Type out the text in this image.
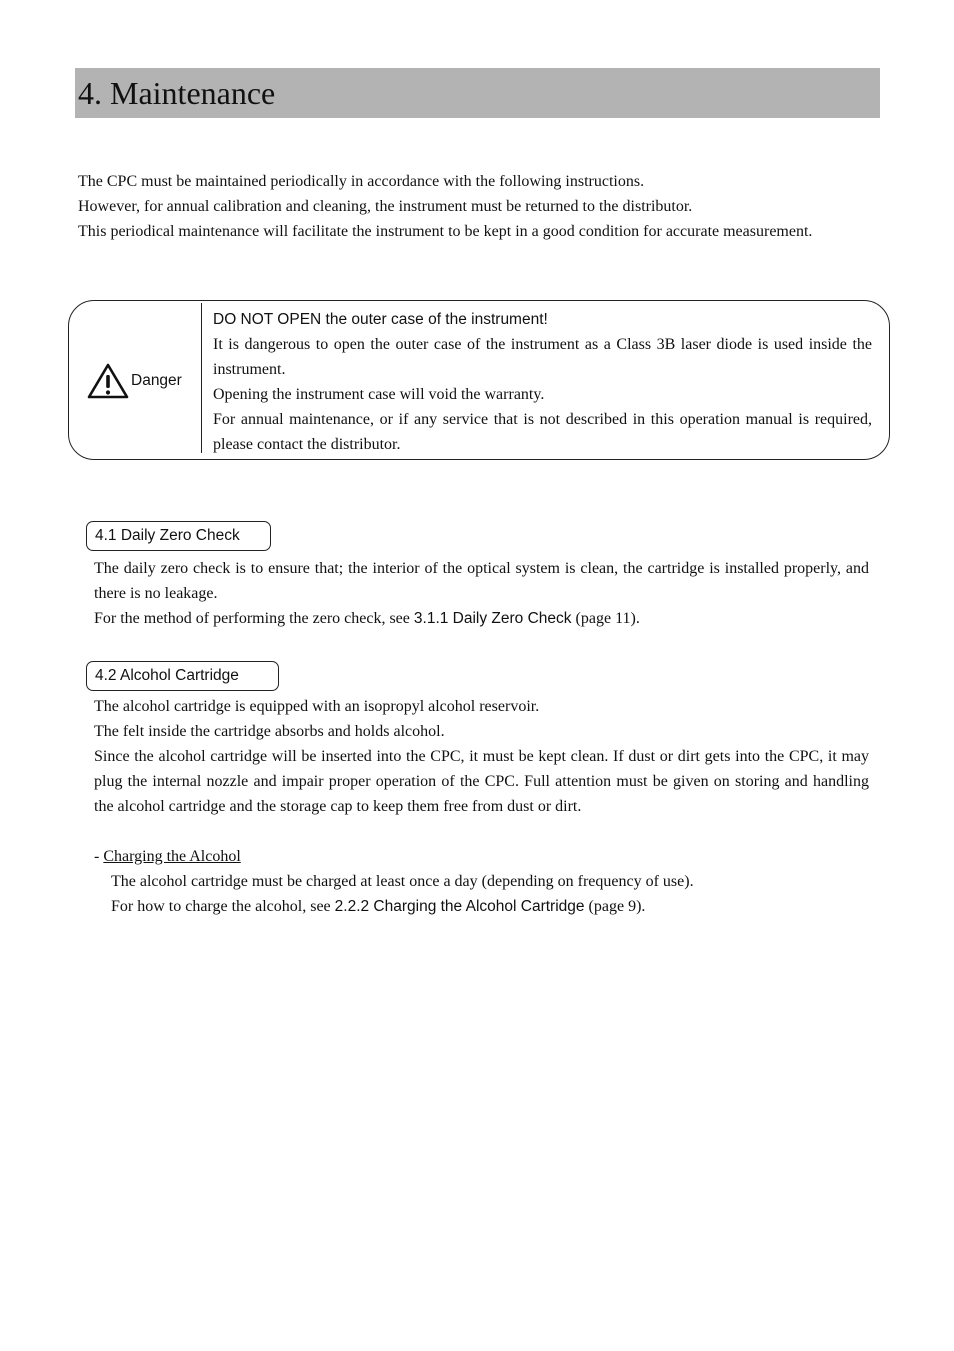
4. Maintenance

The CPC must be maintained periodically in accordance with the following instructions.

However, for annual calibration and cleaning, the instrument must be returned to the distributor.

This periodical maintenance will facilitate the instrument to be kept in a good condition for accurate measurement.

Danger

DO NOT OPEN the outer case of the instrument!

It is dangerous to open the outer case of the instrument as a Class 3B laser diode is used inside the instrument.

Opening the instrument case will void the warranty.

For annual maintenance, or if any service that is not described in this operation manual is required, please contact the distributor.

4.1 Daily Zero Check

The daily zero check is to ensure that; the interior of the optical system is clean, the cartridge is installed properly, and there is no leakage.

For the method of performing the zero check, see 3.1.1 Daily Zero Check (page 11).

4.2 Alcohol Cartridge

The alcohol cartridge is equipped with an isopropyl alcohol reservoir.

The felt inside the cartridge absorbs and holds alcohol.

Since the alcohol cartridge will be inserted into the CPC, it must be kept clean. If dust or dirt gets into the CPC, it may plug the internal nozzle and impair proper operation of the CPC. Full attention must be given on storing and handling the alcohol cartridge and the storage cap to keep them free from dust or dirt.

- Charging the Alcohol

The alcohol cartridge must be charged at least once a day (depending on frequency of use).

For how to charge the alcohol, see 2.2.2 Charging the Alcohol Cartridge (page 9).
